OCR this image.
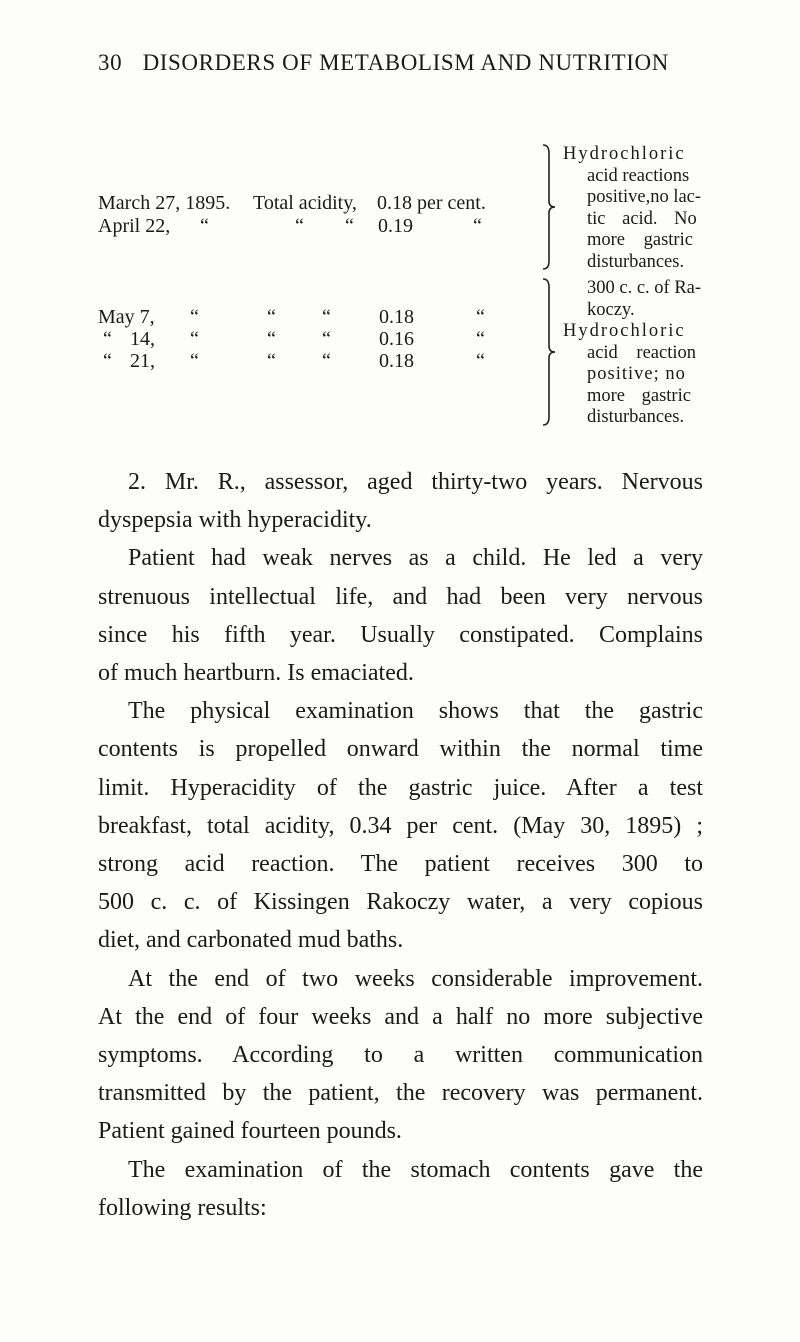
30 DISORDERS OF METABOLISM AND NUTRITION
March 27, 1895. Total acidity, 0.18 per cent.
April 22, “	“ “ 0.19	“
May 7, “	“ “ 0.18	“
“ 14, “	“ “ 0.16	“
“ 21, “	“ “ 0.18	“
Hydrochloric
acid reactions
positive,no lac-
tic acid. No
more gastric
disturbances.
300 c. c. of Ra-
koczy.
Hydrochloric
acid reaction
positive; no
more gastric
disturbances.

2. Mr. R., assessor, aged thirty-two years. Nervous
dyspepsia with hyperacidity.

Patient had weak nerves as a child. He led a very
strenuous intellectual life, and had been very nervous
since his fifth year. Usually constipated. Complains
of much heartburn. Is emaciated.

The physical examination shows that the gastric
contents is propelled onward within the normal time
limit. Hyperacidity of the gastric juice. After a test
breakfast, total acidity, 0.34 per cent. (May 30, 1895) ;
strong acid reaction. The patient receives 300 to
500 c. c. of Kissingen Rakoczy water, a very copious
diet, and carbonated mud baths.

At the end of two weeks considerable improvement.
At the end of four weeks and a half no more subjective
symptoms. According to a written communication
transmitted by the patient, the recovery was permanent.
Patient gained fourteen pounds.

The examination of the stomach contents gave the
following results:
